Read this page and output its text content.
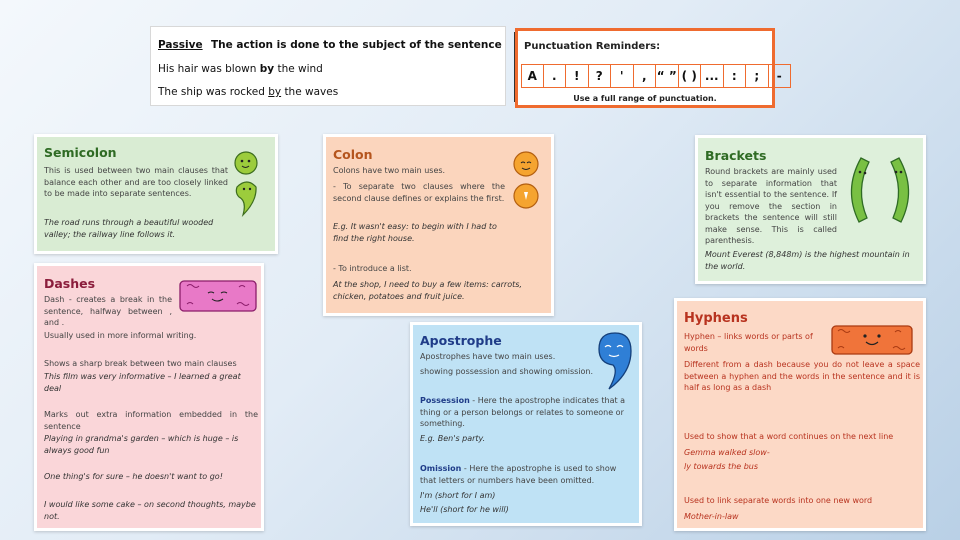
Passive The action is done to the subject of the sentence
His hair was blown by the wind
The ship was rocked by the waves
Punctuation Reminders:
A	.	!	?	'	, “ ” ( ) ...	:	;	-
Use a full range of punctuation.
Semicolon
This is used between two main clauses that balance each other and are too closely linked to be made into separate sentences.
The road runs through a beautiful wooded valley; the railway line follows it.
Colon
Colons have two main uses.
- To separate two clauses where the second clause defines or explains the first.
E.g. It wasn't easy: to begin with I had to find the right house.
- To introduce a list.
At the shop, I need to buy a few items: carrots, chicken, potatoes and fruit juice.
Brackets
Round brackets are mainly used to separate information that isn't essential to the sentence. If you remove the section in brackets the sentence will still make sense. This is called parenthesis.
Mount Everest (8,848m) is the highest mountain in the world.
Dashes
Dash - creates a break in the sentence, halfway between , and .
Usually used in more informal writing.
Shows a sharp break between two main clauses
This film was very informative – I learned a great deal
Marks out extra information embedded in the sentence
Playing in grandma's garden – which is huge – is always good fun
One thing's for sure – he doesn't want to go!
I would like some cake – on second thoughts, maybe not.
Apostrophe
Apostrophes have two main uses.
showing possession and showing omission.
Possession - Here the apostrophe indicates that a thing or a person belongs or relates to someone or something.
E.g. Ben's party.
Omission - Here the apostrophe is used to show that letters or numbers have been omitted.
I'm (short for I am)
He'll (short for he will)
Hyphens
Hyphen – links words or parts of words
Different from a dash because you do not leave a space between a hyphen and the words in the sentence and it is half as long as a dash
Used to show that a word continues on the next line
Gemma walked slow-
ly towards the bus
Used to link separate words into one new word
Mother-in-law
